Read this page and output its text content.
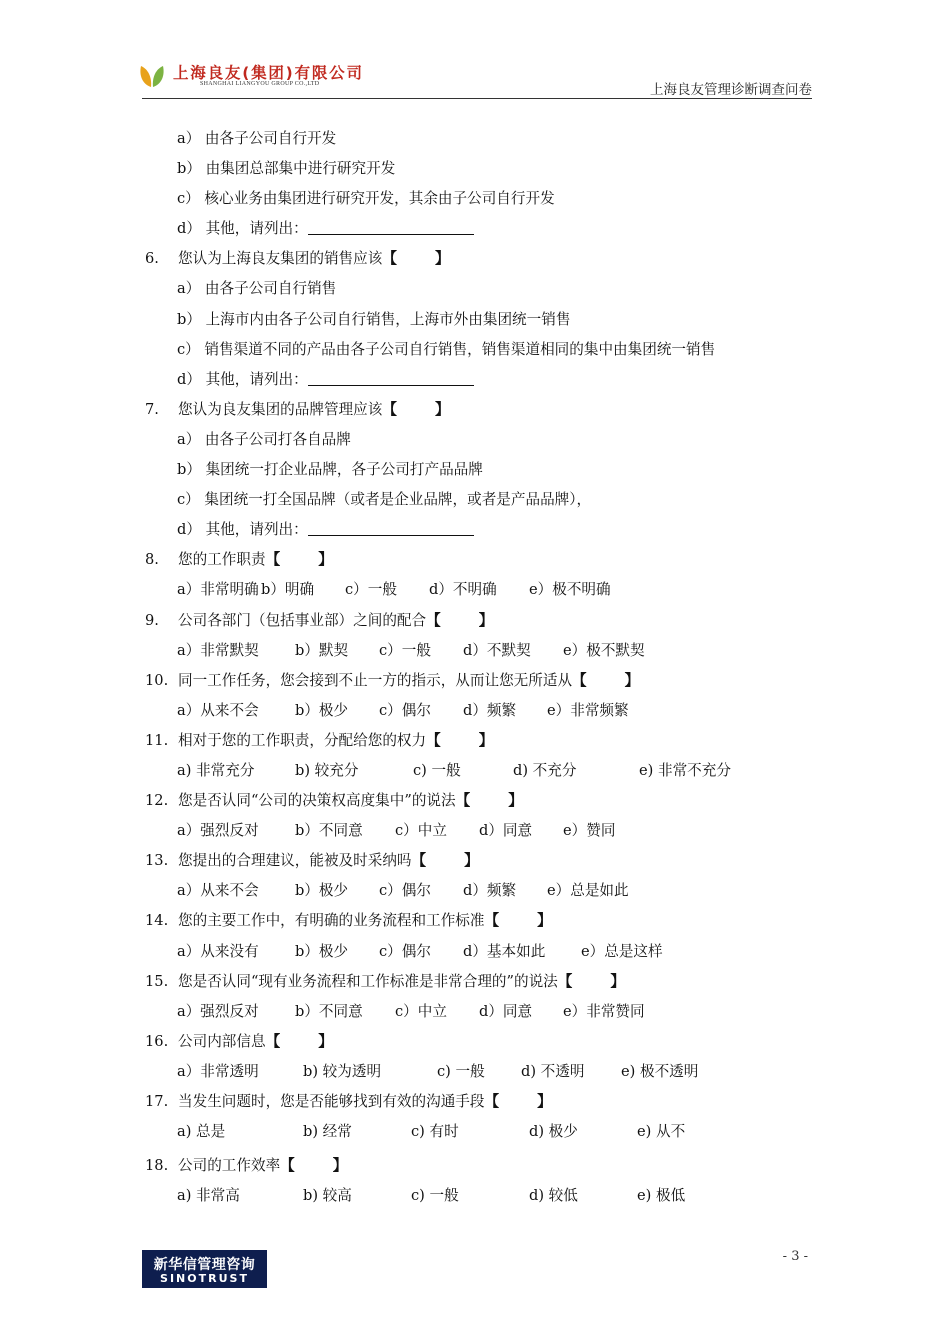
上海良友(集团)有限公司
SHANGHAI LIANGYOU GROUP CO.,LTD	上海良友管理诊断调查问卷
a） 由各子公司自行开发
b） 由集团总部集中进行研究开发
c） 核心业务由集团进行研究开发，其余由子公司自行开发
d） 其他，请列出：
6. 您认为上海良友集团的销售应该【	】
a） 由各子公司自行销售
b） 上海市内由各子公司自行销售，上海市外由集团统一销售
c） 销售渠道不同的产品由各子公司自行销售，销售渠道相同的集中由集团统一销售
d） 其他，请列出：
7. 您认为良友集团的品牌管理应该【	】
a） 由各子公司打各自品牌
b） 集团统一打企业品牌，各子公司打产品品牌
c） 集团统一打全国品牌（或者是企业品牌，或者是产品品牌），
d） 其他，请列出：
8. 您的工作职责【	】
a）非常明确 b）明确	c）一般	d）不明确	e）极不明确
9. 公司各部门（包括事业部）之间的配合【	】
a）非常默契	b）默契	c）一般	d）不默契	e）极不默契
10. 同一工作任务，您会接到不止一方的指示，从而让您无所适从【	】
a）从来不会	b）极少	c）偶尔	d）频繁	e）非常频繁
11. 相对于您的工作职责，分配给您的权力【	】
a) 非常充分	b) 较充分	c) 一般	d) 不充分	e) 非常不充分
12. 您是否认同“公司的决策权高度集中”的说法【	】
a）强烈反对	b）不同意	c）中立	d）同意	e）赞同
13. 您提出的合理建议，能被及时采纳吗【	】
a）从来不会	b）极少	c）偶尔	d）频繁	e）总是如此
14. 您的主要工作中，有明确的业务流程和工作标准【	】
a）从来没有	b）极少	c）偶尔	d）基本如此	e）总是这样
15. 您是否认同“现有业务流程和工作标准是非常合理的”的说法【	】
a）强烈反对	b）不同意	c）中立	d）同意	e）非常赞同
16. 公司内部信息【	】
a）非常透明	b) 较为透明	c) 一般	d) 不透明	e) 极不透明
17. 当发生问题时，您是否能够找到有效的沟通手段【	】
a) 总是	b) 经常	c) 有时	d) 极少	e) 从不
18. 公司的工作效率【	】
a) 非常高	b) 较高	c) 一般	d) 较低	e) 极低
新华信管理咨询
SINOTRUST
- 3 -
